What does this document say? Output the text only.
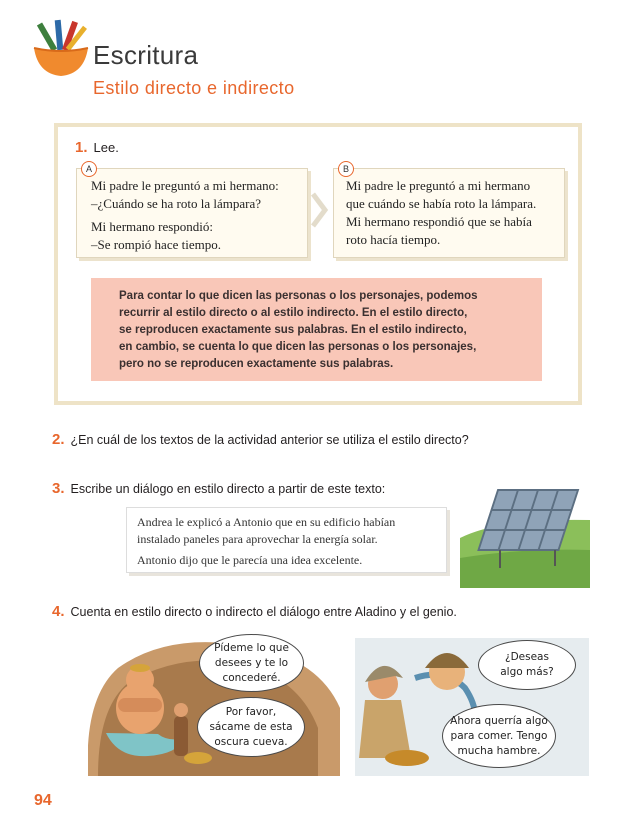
Escritura
Estilo directo e indirecto
1. Lee.

Mi padre le preguntó a mi hermano:

–¿Cuándo se ha roto la lámpara?

Mi hermano respondió:

–Se rompió hace tiempo.

A

Mi padre le preguntó a mi hermano

que cuándo se había roto la lámpara.

Mi hermano respondió que se había

roto hacía tiempo.

B
Para contar lo que dicen las personas o los personajes, podemos
recurrir al estilo directo o al estilo indirecto. En el estilo directo,
se reproducen exactamente sus palabras. En el estilo indirecto,
en cambio, se cuenta lo que dicen las personas o los personajes,
pero no se reproducen exactamente sus palabras.
2. ¿En cuál de los textos de la actividad anterior se utiliza el estilo directo?
3. Escribe un diálogo en estilo directo a partir de este texto:

Andrea le explicó a Antonio que en su edificio habían

instalado paneles para aprovechar la energía solar.

Antonio dijo que le parecía una idea excelente.

4. Cuenta en estilo directo o indirecto el diálogo entre Aladino y el genio.
Pídeme lo que
desees y te lo
concederé.
Por favor,
sácame de esta
oscura cueva.
¿Deseas
algo más?
Ahora querría algo
para comer. Tengo
mucha hambre.
94
